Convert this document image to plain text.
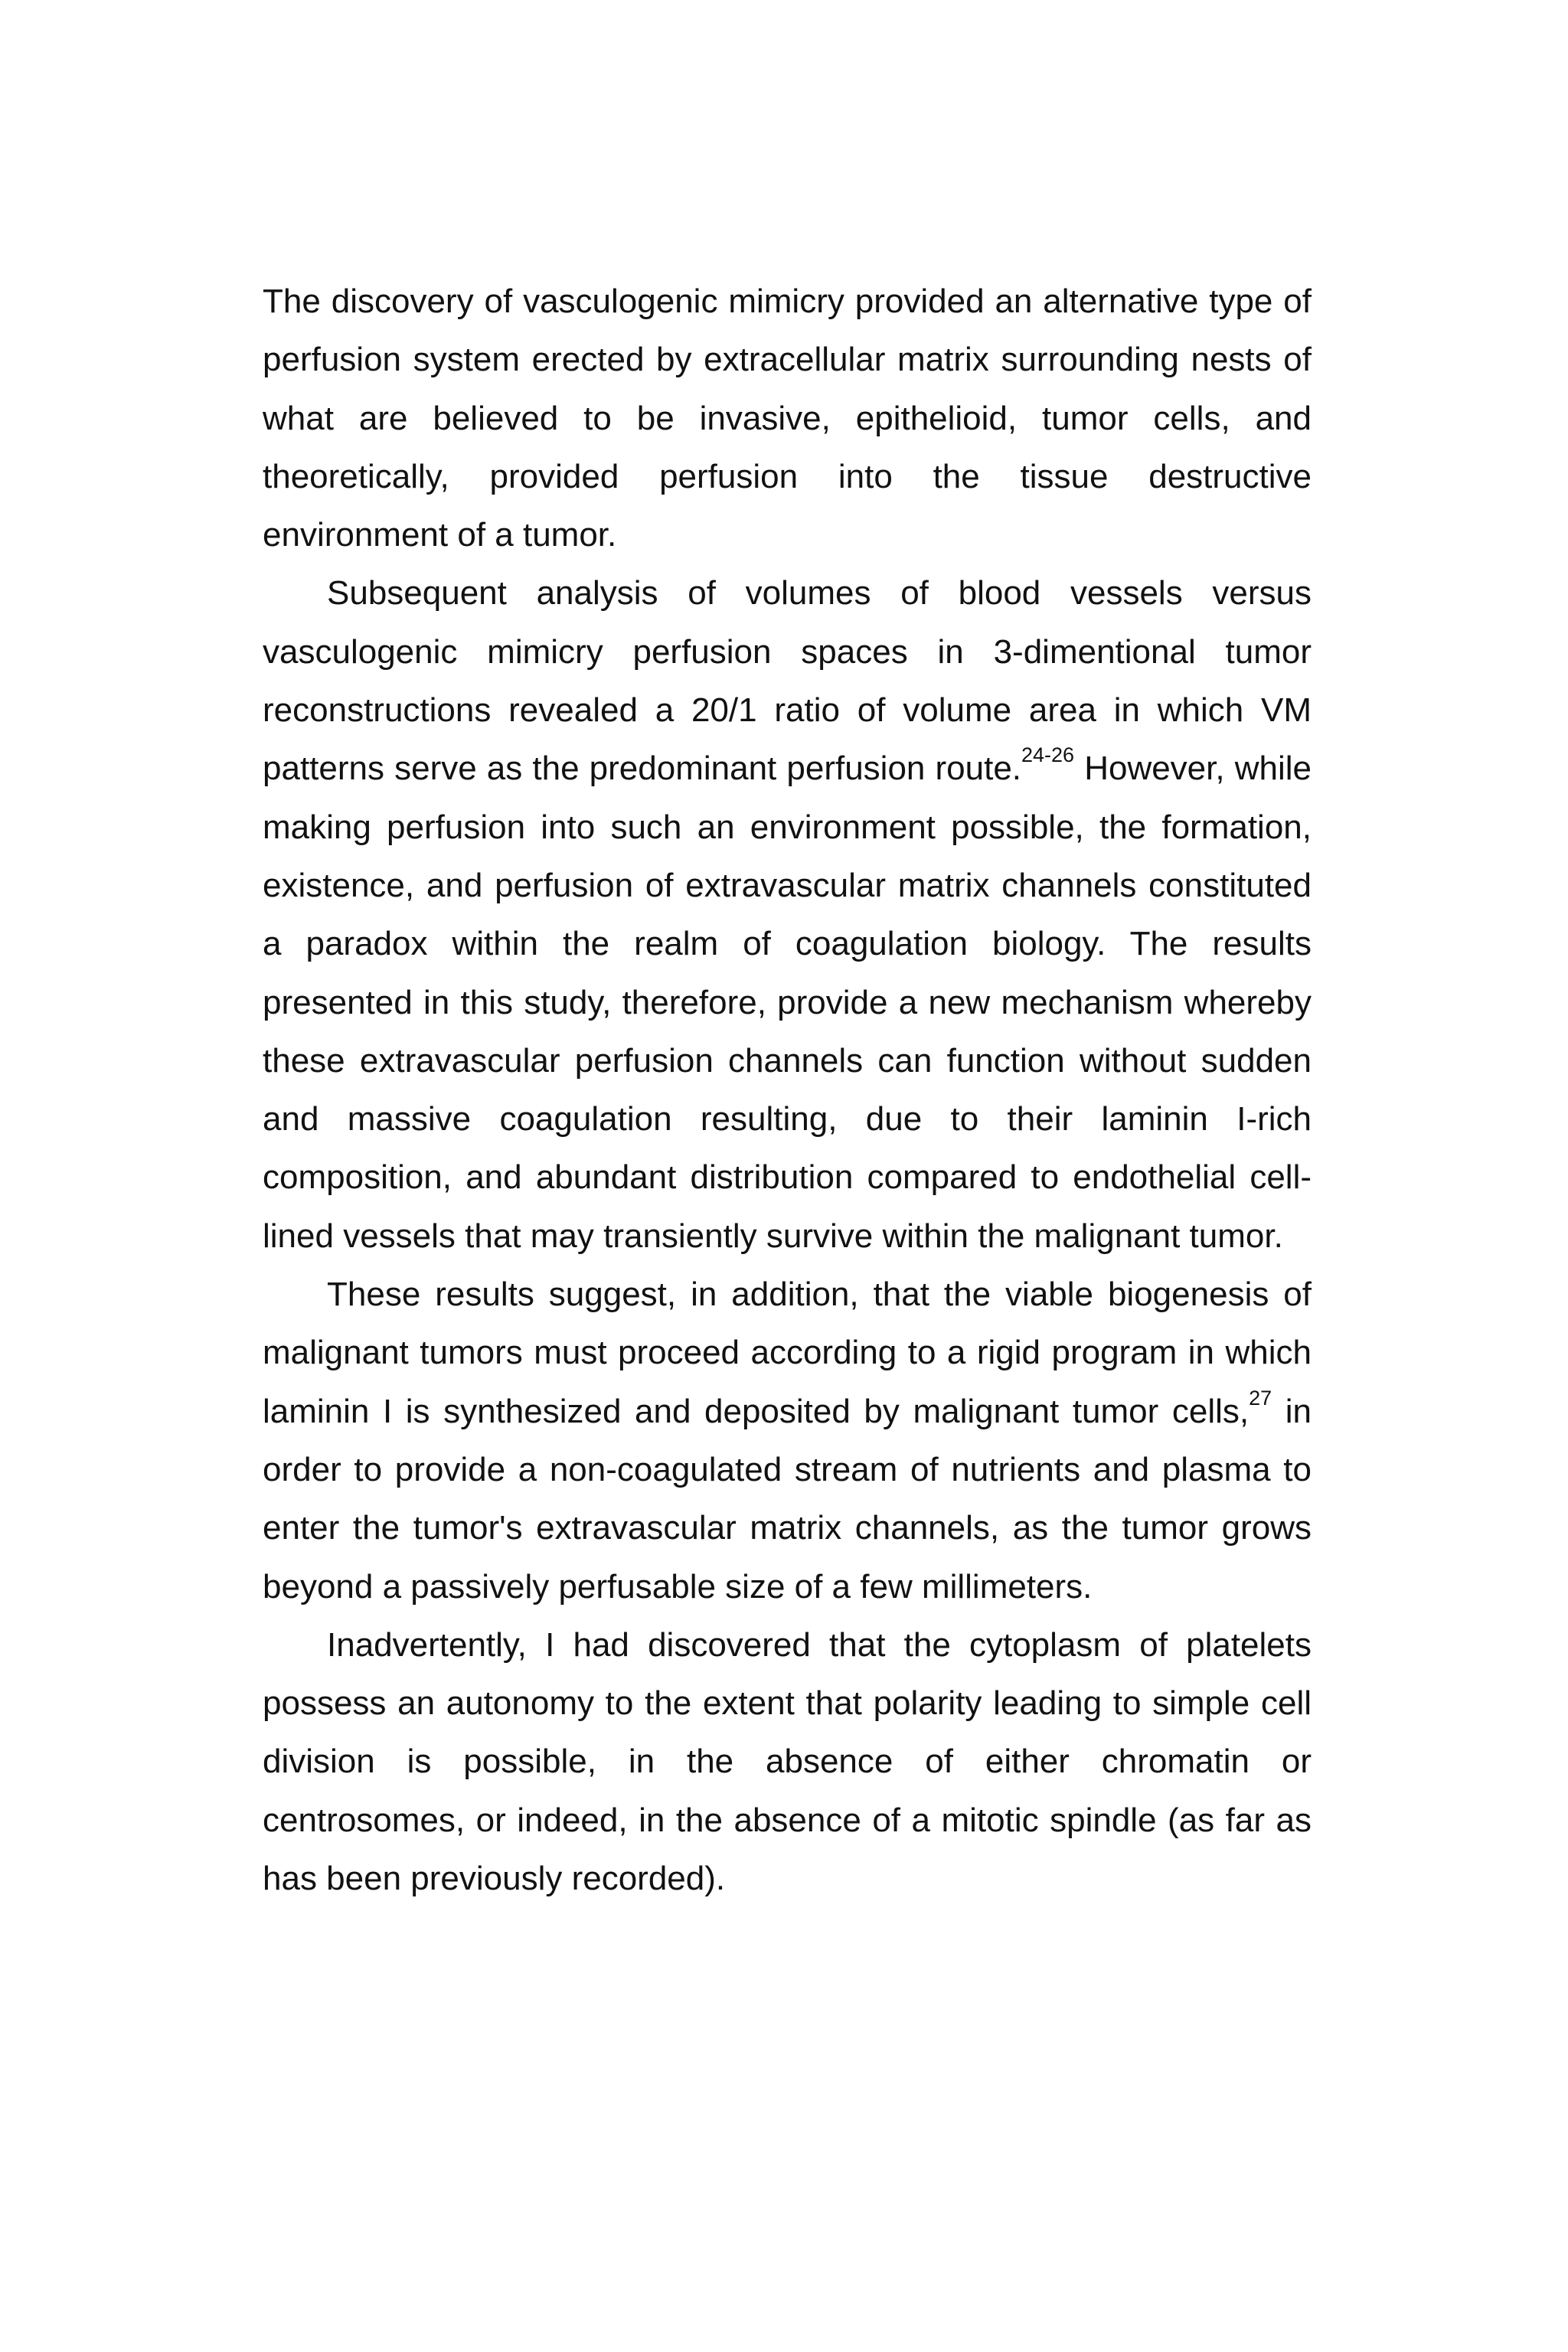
The discovery of vasculogenic mimicry provided an alternative type of perfusion system erected by extracellular matrix surrounding nests of what are believed to be invasive, epithelioid, tumor cells, and theoretically, provided perfusion into the tissue destructive environment of a tumor.

Subsequent analysis of volumes of blood vessels versus vasculogenic mimicry perfusion spaces in 3-dimentional tumor reconstructions revealed a 20/1 ratio of volume area in which VM patterns serve as the predominant perfusion route.$^{24-26}$ However, while making perfusion into such an environment possible, the formation, existence, and perfusion of extravascular matrix channels constituted a paradox within the realm of coagulation biology. The results presented in this study, therefore, provide a new mechanism whereby these extravascular perfusion channels can function without sudden and massive coagulation resulting, due to their laminin I-rich composition, and abundant distribution compared to endothelial cell-lined vessels that may transiently survive within the malignant tumor.

These results suggest, in addition, that the viable biogenesis of malignant tumors must proceed according to a rigid program in which laminin I is synthesized and deposited by malignant tumor cells,$^{27}$ in order to provide a non-coagulated stream of nutrients and plasma to enter the tumor's extravascular matrix channels, as the tumor grows beyond a passively perfusable size of a few millimeters.

Inadvertently, I had discovered that the cytoplasm of platelets possess an autonomy to the extent that polarity leading to simple cell division is possible, in the absence of either chromatin or centrosomes, or indeed, in the absence of a mitotic spindle (as far as has been previously recorded).
